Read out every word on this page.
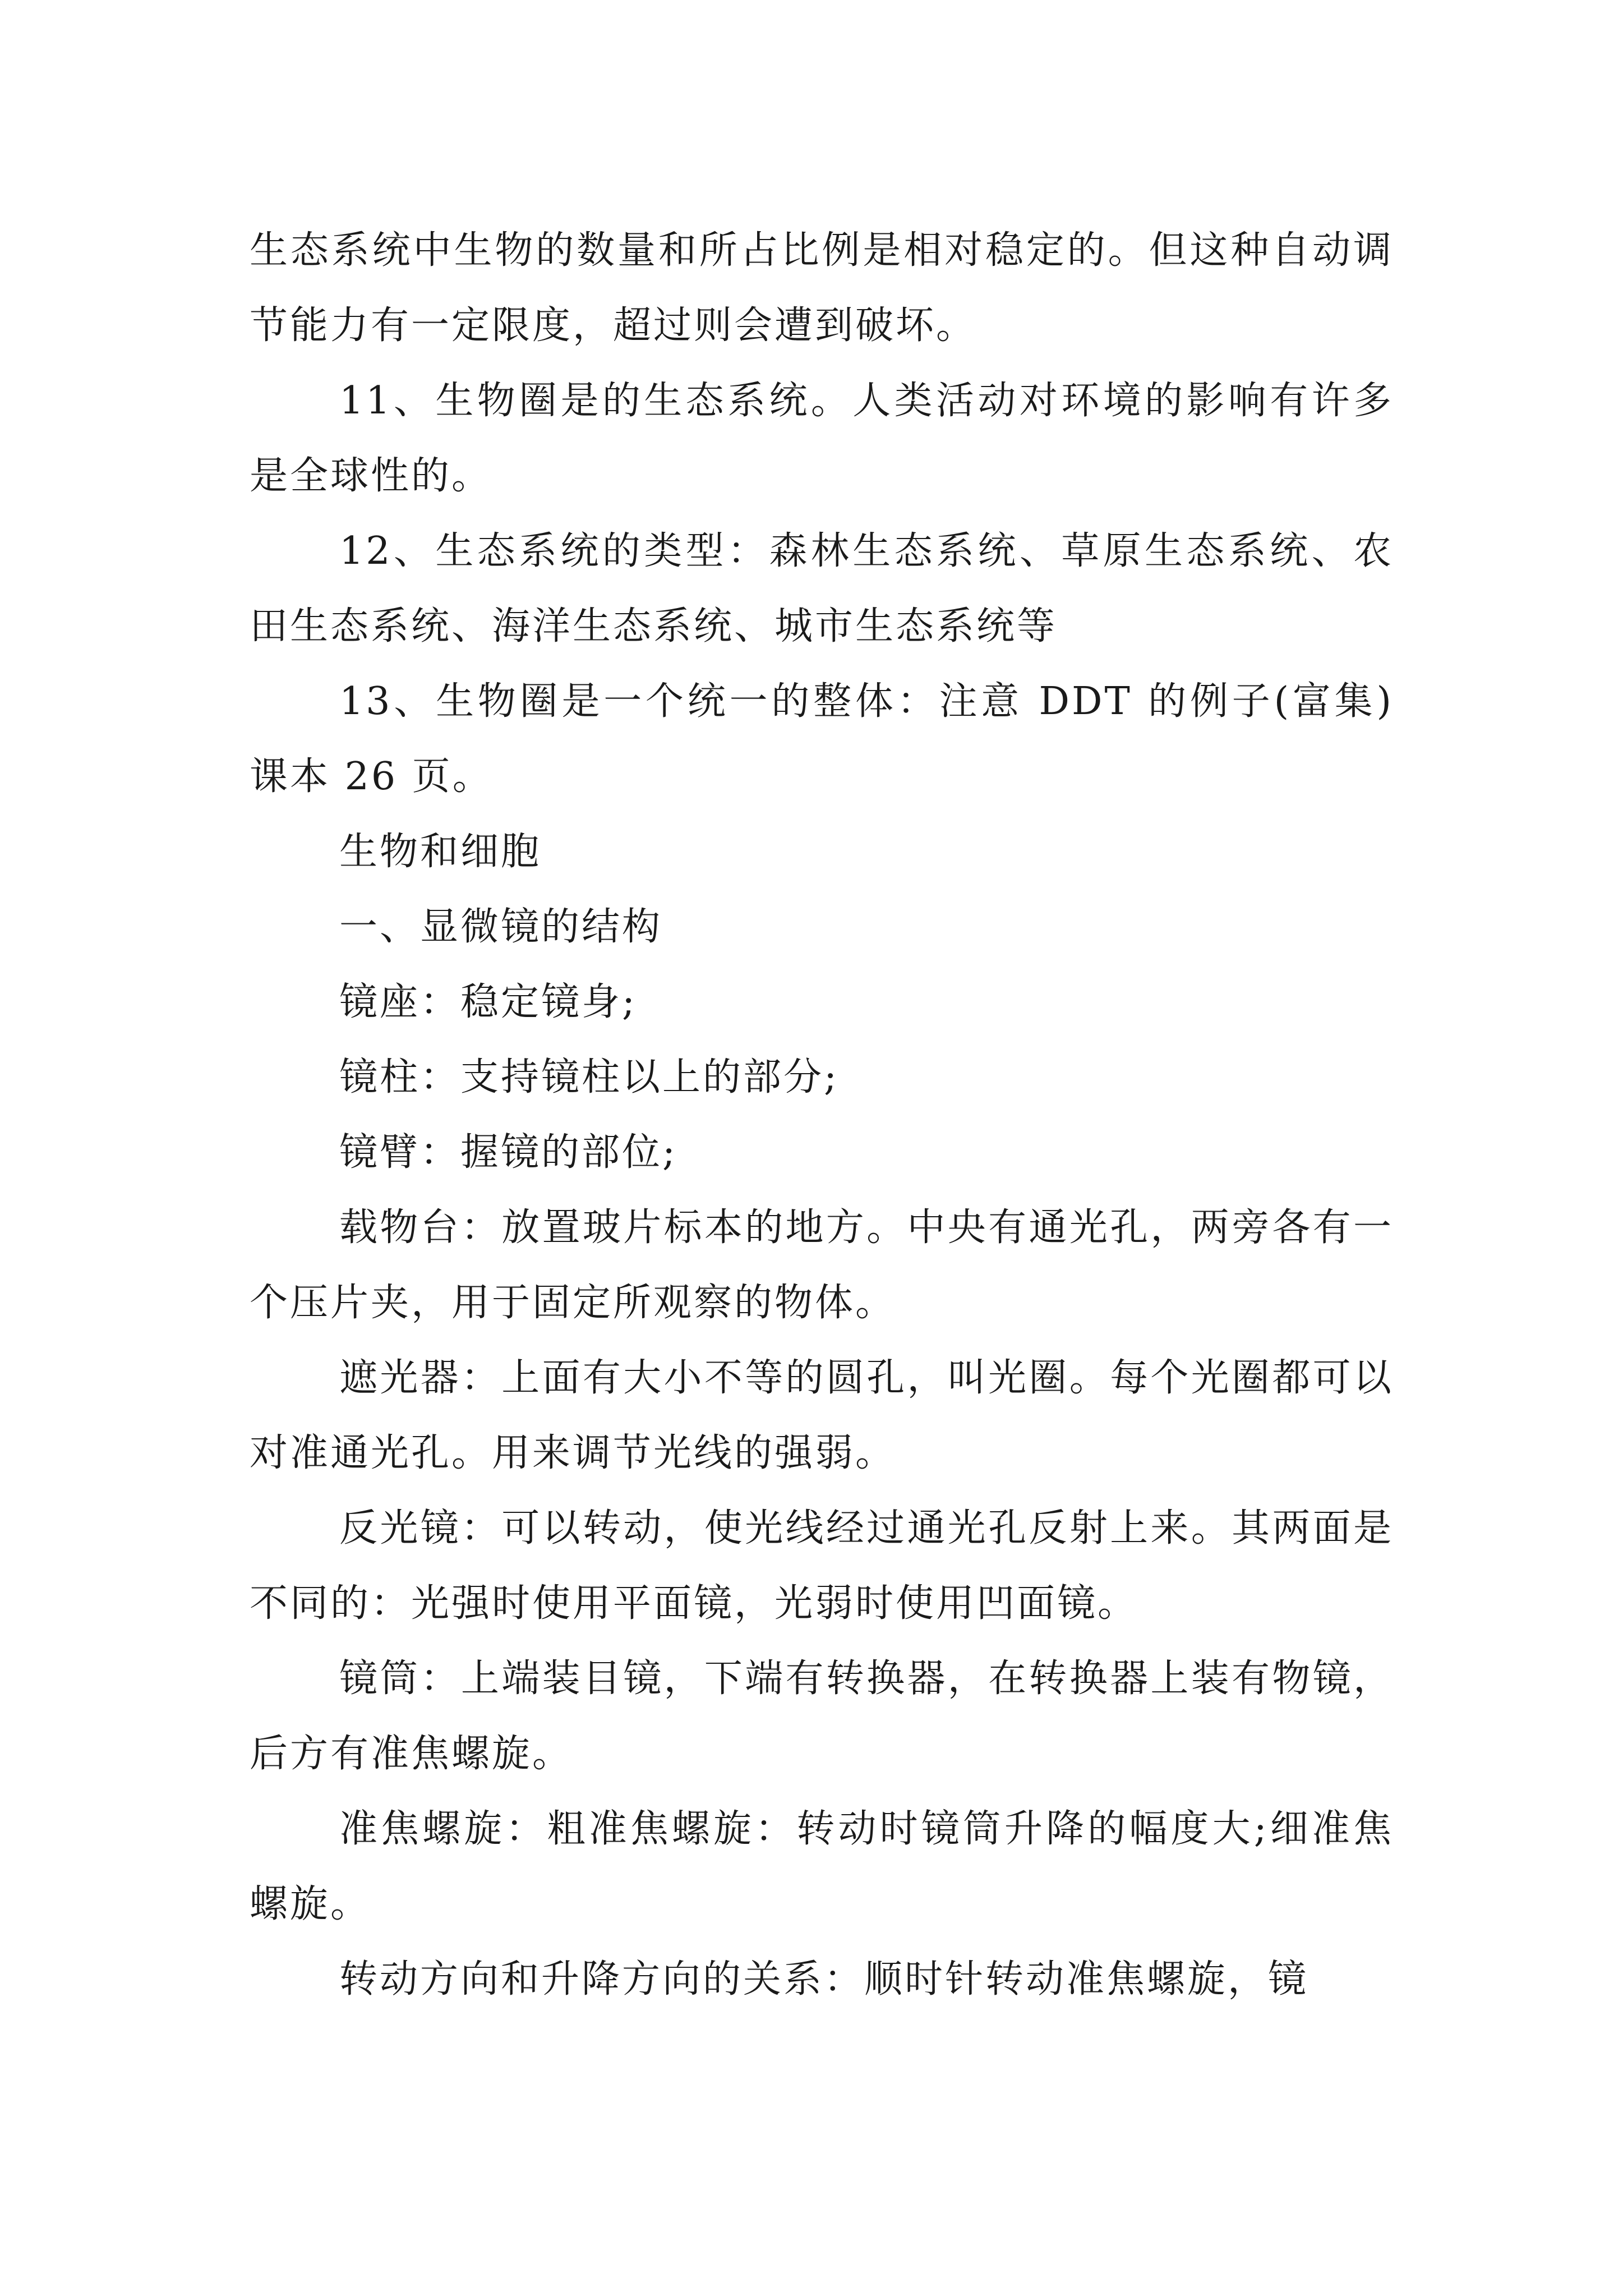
生态系统中生物的数量和所占比例是相对稳定的。但这种自动调节能力有一定限度，超过则会遭到破坏。

11、生物圈是的生态系统。人类活动对环境的影响有许多是全球性的。

12、生态系统的类型：森林生态系统、草原生态系统、农田生态系统、海洋生态系统、城市生态系统等

13、生物圈是一个统一的整体：注意 DDT 的例子(富集)课本 26 页。

生物和细胞

一、显微镜的结构

镜座：稳定镜身;

镜柱：支持镜柱以上的部分;

镜臂：握镜的部位;

载物台：放置玻片标本的地方。中央有通光孔，两旁各有一个压片夹，用于固定所观察的物体。

遮光器：上面有大小不等的圆孔，叫光圈。每个光圈都可以对准通光孔。用来调节光线的强弱。

反光镜：可以转动，使光线经过通光孔反射上来。其两面是不同的：光强时使用平面镜，光弱时使用凹面镜。

镜筒：上端装目镜，下端有转换器，在转换器上装有物镜，后方有准焦螺旋。

准焦螺旋：粗准焦螺旋：转动时镜筒升降的幅度大;细准焦螺旋。

转动方向和升降方向的关系：顺时针转动准焦螺旋，镜
